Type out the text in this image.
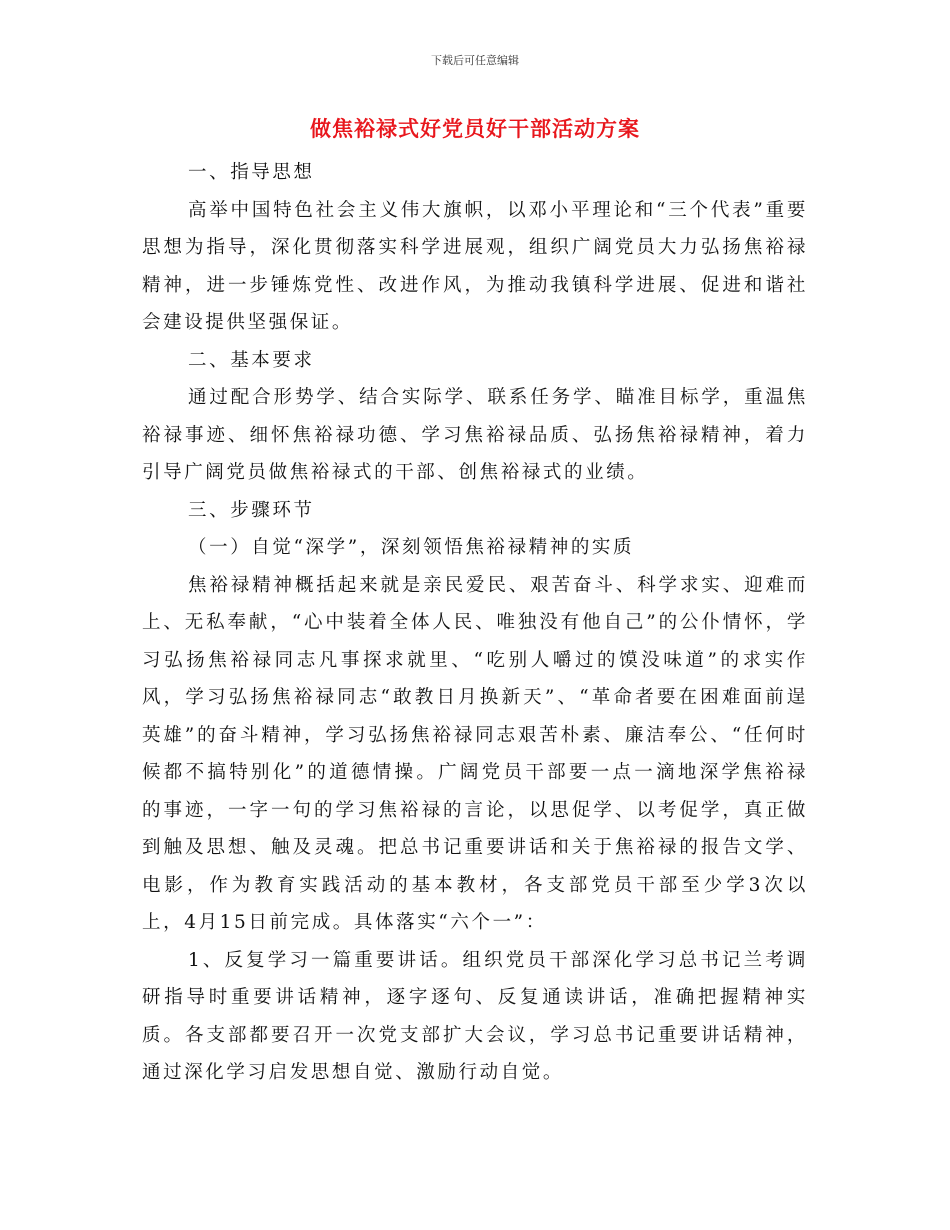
下载后可任意编辑
做焦裕禄式好党员好干部活动方案

一、指导思想

高举中国特色社会主义伟大旗帜，以邓小平理论和“三个代表”重要思想为指导，深化贯彻落实科学进展观，组织广阔党员大力弘扬焦裕禄精神，进一步锤炼党性、改进作风，为推动我镇科学进展、促进和谐社会建设提供坚强保证。

二、基本要求

通过配合形势学、结合实际学、联系任务学、瞄准目标学，重温焦裕禄事迹、细怀焦裕禄功德、学习焦裕禄品质、弘扬焦裕禄精神，着力引导广阔党员做焦裕禄式的干部、创焦裕禄式的业绩。

三、步骤环节

（一）自觉“深学”，深刻领悟焦裕禄精神的实质

焦裕禄精神概括起来就是亲民爱民、艰苦奋斗、科学求实、迎难而上、无私奉献，“心中装着全体人民、唯独没有他自己”的公仆情怀，学习弘扬焦裕禄同志凡事探求就里、“吃别人嚼过的馍没味道”的求实作风，学习弘扬焦裕禄同志“敢教日月换新天”、“革命者要在困难面前逞英雄”的奋斗精神，学习弘扬焦裕禄同志艰苦朴素、廉洁奉公、“任何时候都不搞特别化”的道德情操。广阔党员干部要一点一滴地深学焦裕禄的事迹，一字一句的学习焦裕禄的言论，以思促学、以考促学，真正做到触及思想、触及灵魂。把总书记重要讲话和关于焦裕禄的报告文学、电影，作为教育实践活动的基本教材，各支部党员干部至少学3次以上，4月15日前完成。具体落实“六个一”：

1、反复学习一篇重要讲话。组织党员干部深化学习总书记兰考调研指导时重要讲话精神，逐字逐句、反复通读讲话，准确把握精神实质。各支部都要召开一次党支部扩大会议，学习总书记重要讲话精神，通过深化学习启发思想自觉、激励行动自觉。
